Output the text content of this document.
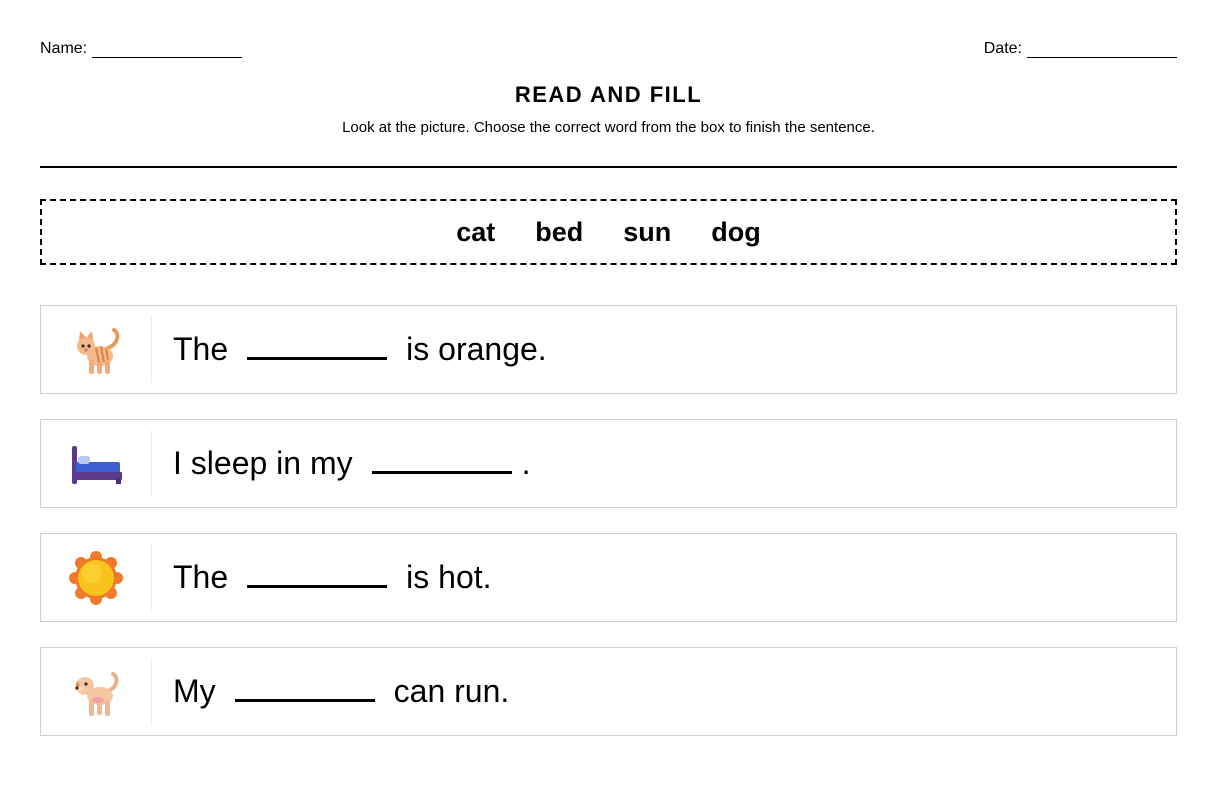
Name:	Date:
READ AND FILL
Look at the picture. Choose the correct word from the box to finish the sentence.
cat bed sun dog
The	is orange.
I sleep in my	.
The	is hot.
My	can run.
